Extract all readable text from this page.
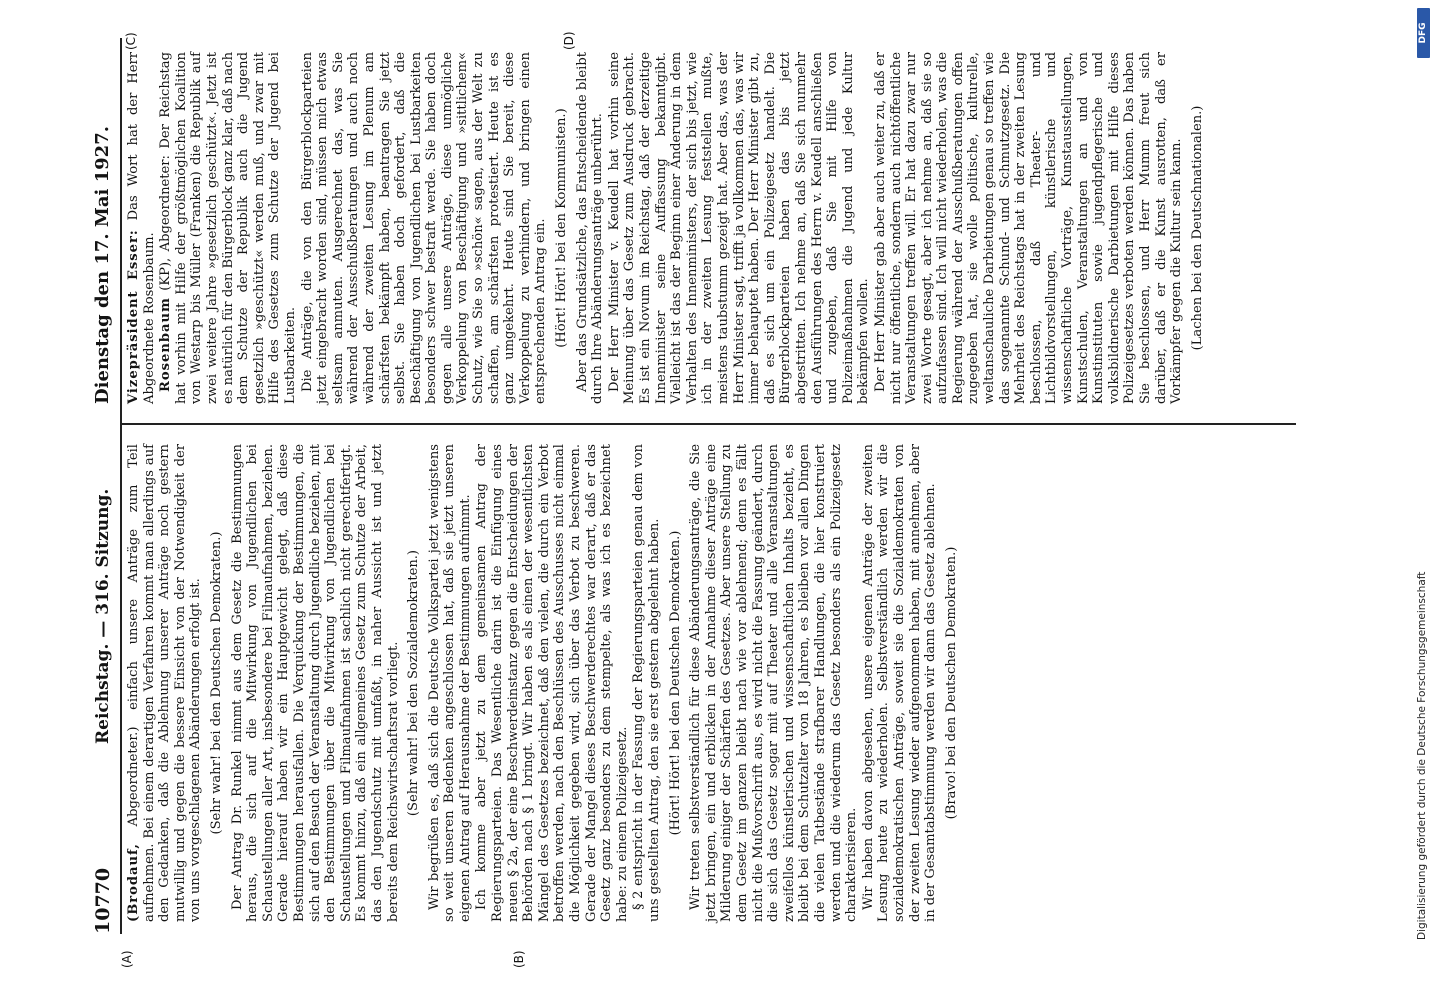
10770
Reichstag. — 316. Sitzung.
Dienstag den 17. Mai 1927.
(A)	(B)
(C)	(D)

(Brodauf, Abgeordneter.) einfach unsere Anträge zum Teil aufnehmen. Bei einem derartigen Verfahren kommt man allerdings auf den Gedanken, daß die Ablehnung unserer Anträge noch gestern mutwillig und gegen die bessere Einsicht von der Notwendigkeit der von uns vorgeschlagenen Abänderungen erfolgt ist. (Sehr wahr! bei den Deutschen Demokraten.) Der Antrag Dr. Runkel nimmt aus dem Gesetz die Bestimmungen heraus, die sich auf die Mitwirkung von Jugendlichen bei Schaustellungen aller Art, insbesondere bei Filmaufnahmen, beziehen. Gerade hierauf haben wir ein Hauptgewicht gelegt, daß diese Bestimmungen herausfallen. Die Verquickung der Bestimmungen, die sich auf den Besuch der Veranstaltung durch Jugendliche beziehen, mit den Bestimmungen über die Mitwirkung von Jugendlichen bei Schaustellungen und Filmaufnahmen ist sachlich nicht gerechtfertigt. Es kommt hinzu, daß ein allgemeines Gesetz zum Schutze der Arbeit, das den Jugendschutz mit umfaßt, in naher Aussicht ist und jetzt bereits dem Reichswirtschaftsrat vorliegt. (Sehr wahr! bei den Sozialdemokraten.) Wir begrüßen es, daß sich die Deutsche Volkspartei jetzt wenigstens so weit unseren Bedenken angeschlossen hat, daß sie jetzt unseren eigenen Antrag auf Herausnahme der Bestimmungen aufnimmt. Ich komme aber jetzt zu dem gemeinsamen Antrag der Regierungsparteien. Das Wesentliche darin ist die Einfügung eines neuen § 2a, der eine Beschwerdeinstanz gegen die Entscheidungen der Behörden nach § 1 bringt. Wir haben es als einen der wesentlichsten Mängel des Gesetzes bezeichnet, daß den vielen, die durch ein Verbot betroffen werden, nach den Beschlüssen des Ausschusses nicht einmal die Möglichkeit gegeben wird, sich über das Verbot zu beschweren. Gerade der Mangel dieses Beschwerderechtes war derart, daß er das Gesetz ganz besonders zu dem stempelte, als was ich es bezeichnet habe: zu einem Polizeigesetz. § 2 entspricht in der Fassung der Regierungsparteien genau dem von uns gestellten Antrag, den sie erst gestern abgelehnt haben. (Hört! Hört! bei den Deutschen Demokraten.) Wir treten selbstverständlich für diese Abänderungsanträge, die Sie jetzt bringen, ein und erblicken in der Annahme dieser Anträge eine Milderung einiger der Schärfen des Gesetzes. Aber unsere Stellung zu dem Gesetz im ganzen bleibt nach wie vor ablehnend; denn es fällt nicht die Mußvorschrift aus, es wird nicht die Fassung geändert, durch die sich das Gesetz sogar mit auf Theater und alle Veranstaltungen zweifellos künstlerischen und wissenschaftlichen Inhalts bezieht, es bleibt bei dem Schutzalter von 18 Jahren, es bleiben vor allen Dingen die vielen Tatbestände strafbarer Handlungen, die hier konstruiert werden und die wiederum das Gesetz besonders als ein Polizeigesetz charakterisieren. Wir haben davon abgesehen, unsere eigenen Anträge der zweiten Lesung heute zu wiederholen. Selbstverständlich werden wir die sozialdemokratischen Anträge, soweit sie die Sozialdemokraten von der zweiten Lesung wieder aufgenommen haben, mit annehmen, aber in der Gesamtabstimmung werden wir dann das Gesetz ablehnen. (Bravo! bei den Deutschen Demokraten.)

Vizepräsident Esser: Das Wort hat der Herr Abgeordnete Rosenbaum. Rosenbaum (KP), Abgeordneter: Der Reichstag hat vorhin mit Hilfe der größtmöglichen Koalition von Westarp bis Müller (Franken) die Republik auf zwei weitere Jahre »gesetzlich geschützt«. Jetzt ist es natürlich für den Bürgerblock ganz klar, daß nach dem Schutze der Republik auch die Jugend gesetzlich »geschützt« werden muß, und zwar mit Hilfe des Gesetzes zum Schutze der Jugend bei Lustbarkeiten. Die Anträge, die von den Bürgerblockparteien jetzt eingebracht worden sind, müssen mich etwas seltsam anmuten. Ausgerechnet das, was Sie während der Ausschußberatungen und auch noch während der zweiten Lesung im Plenum am schärfsten bekämpft haben, beantragen Sie jetzt selbst. Sie haben doch gefordert, daß die Beschäftigung von Jugendlichen bei Lustbarkeiten besonders schwer bestraft werde. Sie haben doch gegen alle unsere Anträge, diese unmögliche Verkoppelung von Beschäftigung und »sittlichem« Schutz, wie Sie so »schön« sagen, aus der Welt zu schaffen, am schärfsten protestiert. Heute ist es ganz umgekehrt. Heute sind Sie bereit, diese Verkoppelung zu verhindern, und bringen einen entsprechenden Antrag ein. (Hört! Hört! bei den Kommunisten.) Aber das Grundsätzliche, das Entscheidende bleibt durch Ihre Abänderungsanträge unberührt. Der Herr Minister v. Keudell hat vorhin seine Meinung über das Gesetz zum Ausdruck gebracht. Es ist ein Novum im Reichstag, daß der derzeitige Innenminister seine Auffassung bekanntgibt. Vielleicht ist das der Beginn einer Änderung in dem Verhalten des Innenministers, der sich bis jetzt, wie ich in der zweiten Lesung feststellen mußte, meistens taubstumm gezeigt hat. Aber das, was der Herr Minister sagt, trifft ja vollkommen das, was wir immer behauptet haben. Der Herr Minister gibt zu, daß es sich um ein Polizeigesetz handelt. Die Bürgerblockparteien haben das bis jetzt abgestritten. Ich nehme an, daß Sie sich nunmehr den Ausführungen des Herrn v. Keudell anschließen und zugeben, daß Sie mit Hilfe von Polizeimaßnahmen die Jugend und jede Kultur bekämpfen wollen. Der Herr Minister gab aber auch weiter zu, daß er nicht nur öffentliche, sondern auch nichtöffentliche Veranstaltungen treffen will. Er hat dazu zwar nur zwei Worte gesagt, aber ich nehme an, daß sie so aufzufassen sind. Ich will nicht wiederholen, was die Regierung während der Ausschußberatungen offen zugegeben hat, sie wolle politische, kulturelle, weltanschauliche Darbietungen genau so treffen wie das sogenannte Schund- und Schmutzgesetz. Die Mehrheit des Reichstags hat in der zweiten Lesung beschlossen, daß Theater- und Lichtbildvorstellungen, künstlerische und wissenschaftliche Vorträge, Kunstausstellungen, Kunstschulen, Veranstaltungen an und von Kunstinstituten sowie jugendpflegerische und volksbildnerische Darbietungen mit Hilfe dieses Polizeigesetzes verboten werden können. Das haben Sie beschlossen, und Herr Mumm freut sich darüber, daß er die Kunst ausrotten, daß er Vorkämpfer gegen die Kultur sein kann. (Lachen bei den Deutschnationalen.)

DFG
Digitalisierung gefördert durch die Deutsche Forschungsgemeinschaft
